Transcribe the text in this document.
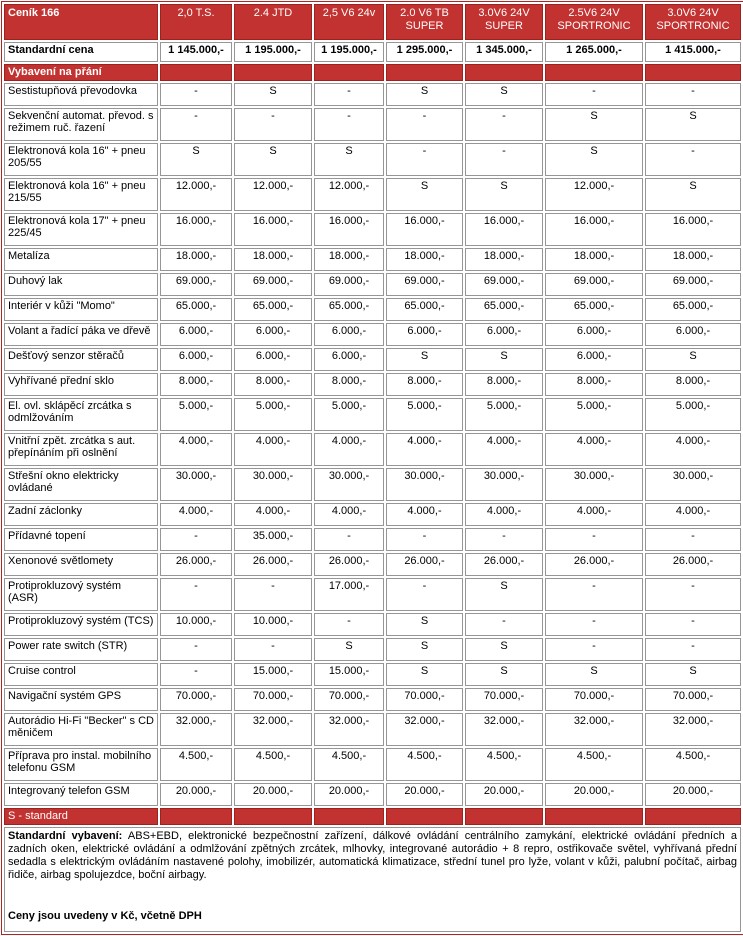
Ceník 166	2,0 T.S.	2.4 JTD	2,5 V6 24v	2.0 V6 TB SUPER	3.0V6 24V SUPER	2.5V6 24V SPORTRONIC	3.0V6 24V SPORTRONIC
Standardní cena	1 145.000,-	1 195.000,-	1 195.000,-	1 295.000,-	1 345.000,-	1 265.000,-	1 415.000,-
Vybavení na přání							
Sestistupňová převodovka	-	S	-	S	S	-	-
Sekvenční automat. převod. s režimem ruč. řazení	-	-	-	-	-	S	S
Elektronová kola 16" + pneu 205/55	S	S	S	-	-	S	-
Elektronová kola 16" + pneu 215/55	12.000,-	12.000,-	12.000,-	S	S	12.000,-	S
Elektronová kola 17" + pneu 225/45	16.000,-	16.000,-	16.000,-	16.000,-	16.000,-	16.000,-	16.000,-
Metalíza	18.000,-	18.000,-	18.000,-	18.000,-	18.000,-	18.000,-	18.000,-
Duhový lak	69.000,-	69.000,-	69.000,-	69.000,-	69.000,-	69.000,-	69.000,-
Interiér v kůži "Momo"	65.000,-	65.000,-	65.000,-	65.000,-	65.000,-	65.000,-	65.000,-
Volant a řadící páka ve dřevě	6.000,-	6.000,-	6.000,-	6.000,-	6.000,-	6.000,-	6.000,-
Dešťový senzor stěračů	6.000,-	6.000,-	6.000,-	S	S	6.000,-	S
Vyhřívané přední sklo	8.000,-	8.000,-	8.000,-	8.000,-	8.000,-	8.000,-	8.000,-
El. ovl. sklápěcí zrcátka s odmlžováním	5.000,-	5.000,-	5.000,-	5.000,-	5.000,-	5.000,-	5.000,-
Vnitřní zpět. zrcátka s aut. přepínáním při oslnění	4.000,-	4.000,-	4.000,-	4.000,-	4.000,-	4.000,-	4.000,-
Střešní okno elektricky ovládané	30.000,-	30.000,-	30.000,-	30.000,-	30.000,-	30.000,-	30.000,-
Zadní záclonky	4.000,-	4.000,-	4.000,-	4.000,-	4.000,-	4.000,-	4.000,-
Přídavné topení	-	35.000,-	-	-	-	-	-
Xenonové světlomety	26.000,-	26.000,-	26.000,-	26.000,-	26.000,-	26.000,-	26.000,-
Protiprokluzový systém (ASR)	-	-	17.000,-	-	S	-	-
Protiprokluzový systém (TCS)	10.000,-	10.000,-	-	S	-	-	-
Power rate switch (STR)	-	-	S	S	S	-	-
Cruise control	-	15.000,-	15.000,-	S	S	S	S
Navigační systém GPS	70.000,-	70.000,-	70.000,-	70.000,-	70.000,-	70.000,-	70.000,-
Autorádio Hi-Fi "Becker" s CD měničem	32.000,-	32.000,-	32.000,-	32.000,-	32.000,-	32.000,-	32.000,-
Příprava pro instal. mobilního telefonu GSM	4.500,-	4.500,-	4.500,-	4.500,-	4.500,-	4.500,-	4.500,-
Integrovaný telefon GSM	20.000,-	20.000,-	20.000,-	20.000,-	20.000,-	20.000,-	20.000,-
S - standard							

Standardní vybavení: ABS+EBD, elektronické bezpečnostní zařízení, dálkové ovládání centrálního zamykání, elektrické ovládání předních a zadních oken, elektrické ovládání a odmlžování zpětných zrcátek, mlhovky, integrované autorádio + 8 repro, ostřikovače světel, vyhřívaná přední sedadla s elektrickým ovládáním nastavené polohy, imobilizér, automatická klimatizace, střední tunel pro lyže, volant v kůži, palubní počítač, airbag řidiče, airbag spolujezdce, boční airbagy.
Ceny jsou uvedeny v Kč, včetně DPH							
